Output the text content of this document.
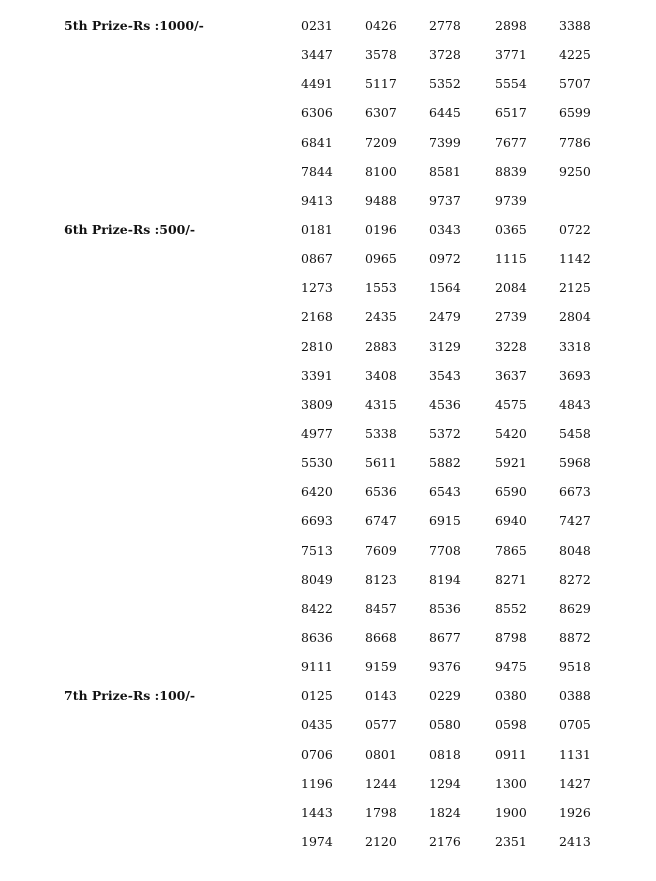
5th Prize-Rs :1000/-	0231	0426	2778	2898	3388
3447	3578	3728	3771	4225
4491	5117	5352	5554	5707
6306	6307	6445	6517	6599
6841	7209	7399	7677	7786
7844	8100	8581	8839	9250
9413	9488	9737	9739
6th Prize-Rs :500/-	0181	0196	0343	0365	0722
0867	0965	0972	1115	1142
1273	1553	1564	2084	2125
2168	2435	2479	2739	2804
2810	2883	3129	3228	3318
3391	3408	3543	3637	3693
3809	4315	4536	4575	4843
4977	5338	5372	5420	5458
5530	5611	5882	5921	5968
6420	6536	6543	6590	6673
6693	6747	6915	6940	7427
7513	7609	7708	7865	8048
8049	8123	8194	8271	8272
8422	8457	8536	8552	8629
8636	8668	8677	8798	8872
9111	9159	9376	9475	9518
7th Prize-Rs :100/-	0125	0143	0229	0380	0388
0435	0577	0580	0598	0705
0706	0801	0818	0911	1131
1196	1244	1294	1300	1427
1443	1798	1824	1900	1926
1974	2120	2176	2351	2413
